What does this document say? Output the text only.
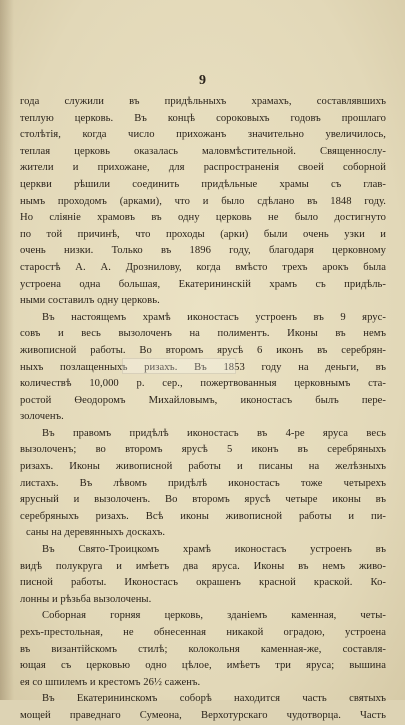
9
года служили въ придѣльныхъ храмахъ, составлявшихъ
теплую церковь. Въ концѣ сороковыхъ годовъ прошлаго
столѣтія, когда число прихожанъ значительно увеличилось,
теплая церковь оказалась маловмѣстительной. Священнослу-
жители и прихожане, для распространенія своей соборной
церкви рѣшили соединить придѣльные храмы съ глав-
нымъ проходомъ (арками), что и было сдѣлано въ 1848 году.
Но сліяніе храмовъ въ одну церковь не было достигнуто
по той причинѣ, что проходы (арки) были очень узки и
очень низки. Только въ 1896 году, благодаря церковному
старостѣ А. А. Дрознилову, когда вмѣсто трехъ арокъ была
устроена одна большая, Екатерининскій храмъ съ придѣль-
ными составилъ одну церковь.
Въ настоящемъ храмѣ иконостасъ устроенъ въ 9 ярус-
совъ и весь вызолоченъ на полиментъ. Иконы въ немъ
живописной работы. Во второмъ ярусѣ 6 иконъ въ серебрян-
ныхъ позлащенныхъ ризахъ. Въ 1853 году на деньги, въ
количествѣ 10,000 р. сер., пожертвованныя церковнымъ ста-
ростой Өеодоромъ Михайловымъ, иконостасъ былъ пере-
золоченъ.
Въ правомъ придѣлѣ иконостасъ въ 4-ре яруса весь
вызолоченъ; во второмъ ярусѣ 5 иконъ въ серебряныхъ
ризахъ. Иконы живописной работы и писаны на желѣзныхъ
листахъ. Въ лѣвомъ придѣлѣ иконостасъ тоже четырехъ
ярусный и вызолоченъ. Во второмъ ярусѣ четыре иконы въ
серебряныхъ ризахъ. Всѣ иконы живописной работы и пи-
саны на деревянныхъ доскахъ.
Въ Свято-Троицкомъ храмѣ иконостасъ устроенъ въ
видѣ полукруга и имѣетъ два яруса. Иконы въ немъ живо-
писной работы. Иконостасъ окрашенъ красной краской. Ко-
лонны и рѣзьба вызолочены.
Соборная горняя церковь, зданіемъ каменная, четы-
рехъ-престольная, не обнесенная никакой оградою, устроена
въ византійскомъ стилѣ; колокольня каменная-же, составля-
ющая съ церковью одно цѣлое, имѣетъ три яруса; вышина
ея со шпилемъ и крестомъ 26½ саженъ.
Въ Екатерининскомъ соборѣ находится часть святыхъ
мощей праведнаго Сумеона, Верхотурскаго чудотворца. Часть
